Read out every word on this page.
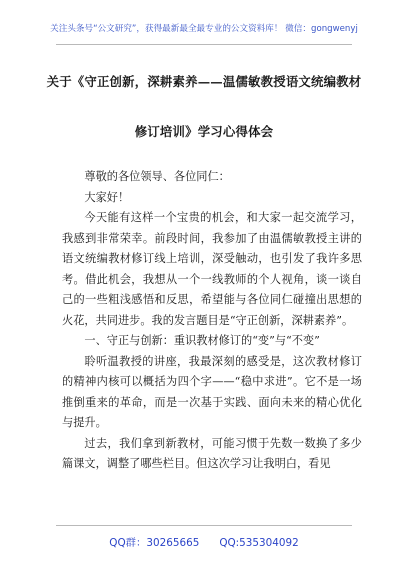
关注头条号“公文研究”，获得最新最全最专业的公文资料库！ 微信：gongwenyj
关于《守正创新，深耕素养——温儒敏教授语文统编教材
修订培训》学习心得体会

尊敬的各位领导、各位同仁：

大家好！

今天能有这样一个宝贵的机会，和大家一起交流学习，我感到非常荣幸。前段时间，我参加了由温儒敏教授主讲的语文统编教材修订线上培训，深受触动，也引发了我许多思考。借此机会，我想从一个一线教师的个人视角，谈一谈自己的一些粗浅感悟和反思，希望能与各位同仁碰撞出思想的火花，共同进步。我的发言题目是“守正创新，深耕素养”。

一、守正与创新：重识教材修订的“变”与“不变”

聆听温教授的讲座，我最深刻的感受是，这次教材修订的精神内核可以概括为四个字——“稳中求进”。它不是一场推倒重来的革命，而是一次基于实践、面向未来的精心优化与提升。

过去，我们拿到新教材，可能习惯于先数一数换了多少篇课文，调整了哪些栏目。但这次学习让我明白，看见

QQ群：30265665 QQ:535304092
